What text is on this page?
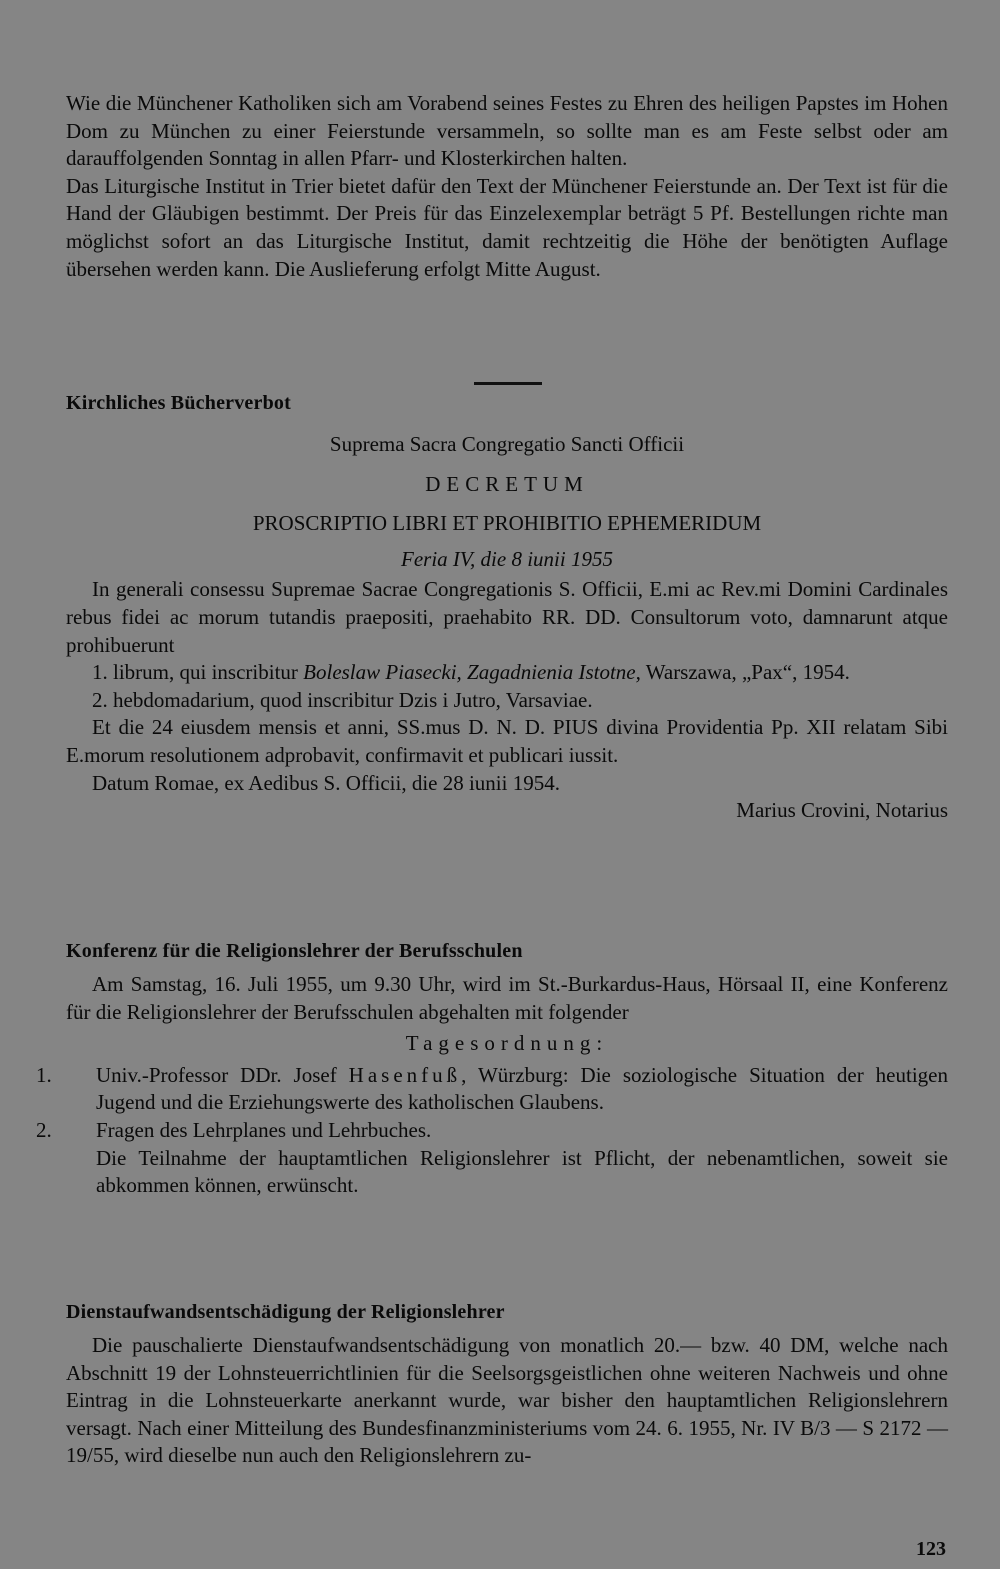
Wie die Münchener Katholiken sich am Vorabend seines Festes zu Ehren des heiligen Papstes im Hohen Dom zu München zu einer Feierstunde versammeln, so sollte man es am Feste selbst oder am darauffolgenden Sonntag in allen Pfarr- und Klosterkirchen halten.

Das Liturgische Institut in Trier bietet dafür den Text der Münchener Feierstunde an. Der Text ist für die Hand der Gläubigen bestimmt. Der Preis für das Einzelexemplar beträgt 5 Pf. Bestellungen richte man möglichst sofort an das Liturgische Institut, damit rechtzeitig die Höhe der benötigten Auflage übersehen werden kann. Die Auslieferung erfolgt Mitte August.

Kirchliches Bücherverbot

Suprema Sacra Congregatio Sancti Officii

DECRETUM

PROSCRIPTIO LIBRI ET PROHIBITIO EPHEMERIDUM

Feria IV, die 8 iunii 1955

In generali consessu Supremae Sacrae Congregationis S. Officii, E.mi ac Rev.mi Domini Cardinales rebus fidei ac morum tutandis praepositi, praehabito RR. DD. Consultorum voto, damnarunt atque prohibuerunt

1. librum, qui inscribitur Boleslaw Piasecki, Zagadnienia Istotne, Warszawa, „Pax“, 1954.

2. hebdomadarium, quod inscribitur Dzis i Jutro, Varsaviae.

Et die 24 eiusdem mensis et anni, SS.mus D. N. D. PIUS divina Providentia Pp. XII relatam Sibi E.morum resolutionem adprobavit, confirmavit et publicari iussit.

Datum Romae, ex Aedibus S. Officii, die 28 iunii 1954.

Marius Crovini, Notarius

Konferenz für die Religionslehrer der Berufsschulen

Am Samstag, 16. Juli 1955, um 9.30 Uhr, wird im St.-Burkardus-Haus, Hörsaal II, eine Konferenz für die Religionslehrer der Berufsschulen abgehalten mit folgender

Tagesordnung:

1. Univ.-Professor DDr. Josef Hasenfuß, Würzburg: Die soziologische Situation der heutigen Jugend und die Erziehungswerte des katholischen Glaubens.

2. Fragen des Lehrplanes und Lehrbuches.

Die Teilnahme der hauptamtlichen Religionslehrer ist Pflicht, der nebenamtlichen, soweit sie abkommen können, erwünscht.

Dienstaufwandsentschädigung der Religionslehrer

Die pauschalierte Dienstaufwandsentschädigung von monatlich 20.— bzw. 40 DM, welche nach Abschnitt 19 der Lohnsteuerrichtlinien für die Seelsorgsgeistlichen ohne weiteren Nachweis und ohne Eintrag in die Lohnsteuerkarte anerkannt wurde, war bisher den hauptamtlichen Religionslehrern versagt. Nach einer Mitteilung des Bundesfinanzministeriums vom 24. 6. 1955, Nr. IV B/3 — S 2172 — 19/55, wird dieselbe nun auch den Religionslehrern zu-

123
